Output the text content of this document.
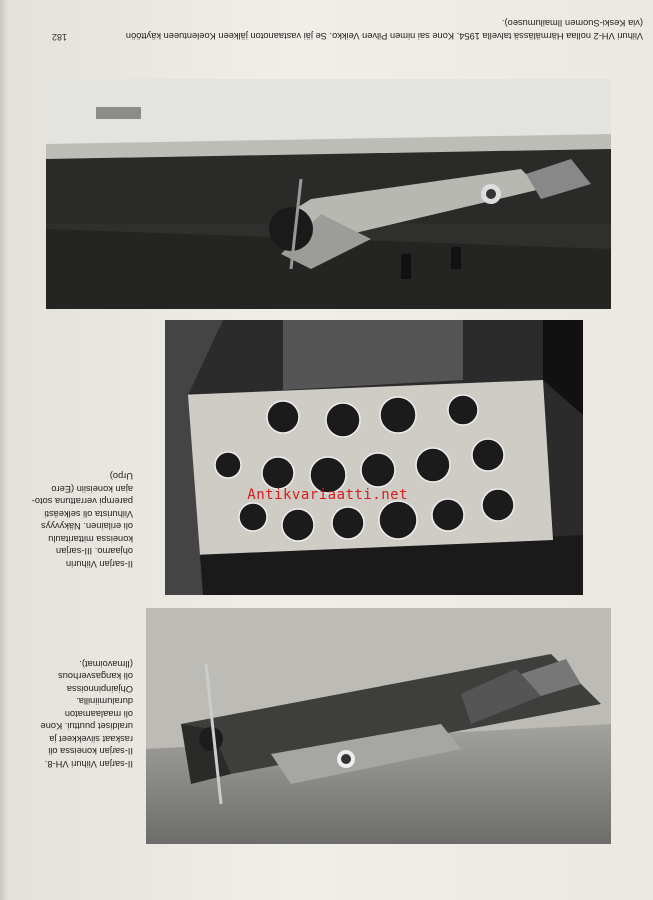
182	Viihuri VH-2 nollaa Härmälässä talvella 1954. Kone sai nimen Pilven Veikko. Se jäi vastaanoton jälkeen Koelentueen käyttöön
(via Keski-Suomen Ilmailumuseo).
II-sarjan Viihurin
ohjaamo. III-sarjan
koneissa mittaritaulu
oli erilainen. Näkyvyys
Viihurista oli selkeästi
parempi verrattuna soto-
ajan koneisiin (Eero
Urpo)
II-sarjan Viihuri VH-8.
II-sarjan koneissa oli
raskaat siivekkeet ja
uraldiset puuttui. Kone
oli maalaamaton
duralumiinilla.
Ohjainpinnoissa
oli kangasverhous
(Ilmavoimat).
Antikvariaatti.net
